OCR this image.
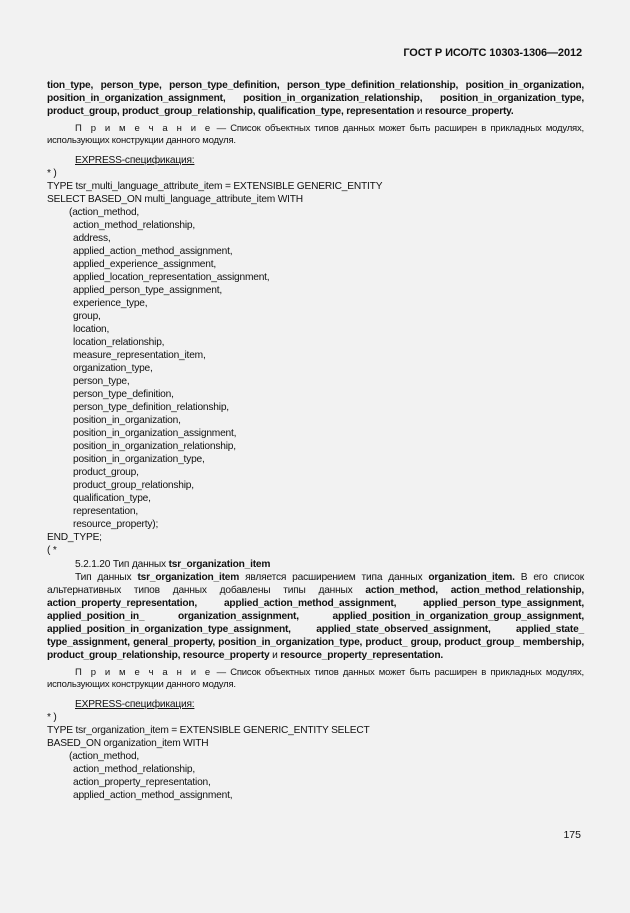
ГОСТ Р ИСО/ТС 10303-1306—2012

tion_type, person_type, person_type_definition, person_type_definition_relationship, position_in_organization, position_in_organization_assignment, position_in_organization_relationship, position_in_organization_type, product_group, product_group_relationship, qualification_type, representation и resource_property.

П р и м е ч а н и е — Список объектных типов данных может быть расширен в прикладных модулях, использующих конструкции данного модуля.

EXPRESS-спецификация:
* )
TYPE tsr_multi_language_attribute_item = EXTENSIBLE GENERIC_ENTITY
SELECT BASED_ON multi_language_attribute_item WITH
(action_method,
action_method_relationship,
address,
applied_action_method_assignment,
applied_experience_assignment,
applied_location_representation_assignment,
applied_person_type_assignment,
experience_type,
group,
location,
location_relationship,
measure_representation_item,
organization_type,
person_type,
person_type_definition,
person_type_definition_relationship,
position_in_organization,
position_in_organization_assignment,
position_in_organization_relationship,
position_in_organization_type,
product_group,
product_group_relationship,
qualification_type,
representation,
resource_property);
END_TYPE;
( *

5.2.1.20 Тип данных tsr_organization_item

Тип данных tsr_organization_item является расширением типа данных organization_item. В его список альтернативных типов данных добавлены типы данных action_method, action_method_relationship, action_property_representation, applied_action_method_assignment, applied_person_type_assignment, applied_position_in_ organization_assignment, applied_position_in_organization_group_assignment, applied_position_in_organization_type_assignment, applied_state_observed_assignment, applied_state_ type_assignment, general_property, position_in_organization_type, product_ group, product_group_ membership, product_group_relationship, resource_property и resource_property_representation.

П р и м е ч а н и е — Список объектных типов данных может быть расширен в прикладных модулях, использующих конструкции данного модуля.

EXPRESS-спецификация:
* )
TYPE tsr_organization_item = EXTENSIBLE GENERIC_ENTITY SELECT
BASED_ON organization_item WITH
(action_method,
action_method_relationship,
action_property_representation,
applied_action_method_assignment,
175
